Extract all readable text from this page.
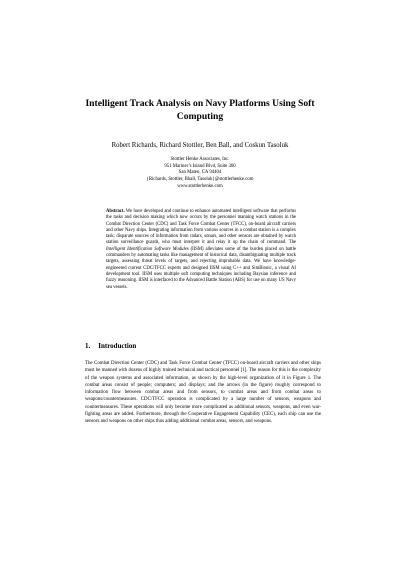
Intelligent Track Analysis on Navy Platforms Using Soft
Computing
Robert Richards, Richard Stottler, Ben Ball, and Coskun Tasoluk
Stottler Henke Associates, Inc.
951 Mariner’s Island Blvd, Suite 360
San Mateo, CA 94404
{Richards, Stottler, Bball, Tasoluk}@stottlerhenke.com
www.stottlerhenke.com
Abstract. We have developed and continue to enhance automated intelligent software that performs the tasks and decision making which now occurs by the personnel manning watch stations in the Combat Direction Center (CDC) and Task Force Combat Center (TFCC), on-board aircraft carriers and other Navy ships. Integrating information from various sources in a combat station is a complex task; disparate sources of information from radars, sonars, and other sensors are obtained by watch station surveillance guards, who must interpret it and relay it up the chain of command. The Intelligent Identification Software Modules (IISM) alleviates some of the burden placed on battle commanders by automating tasks like management of historical data, disambiguating multiple track targets, assessing threat levels of targets, and rejecting improbable data. We have knowledge-engineered current CDC/TFCC experts and designed IISM using C++ and SimBionic, a visual AI development tool. IISM uses multiple soft computing techniques including Baysian inference and fuzzy reasoning. IISM is interfaced to the Advanced Battle Station (ABS) for use on many US Navy sea vessels.
1. Introduction
The Combat Direction Center (CDC) and Task Force Combat Center (TFCC) on-board aircraft carriers and other ships must be manned with dozens of highly trained technical and tactical personnel [1]. The reason for this is the complexity of the weapon systems and associated information, as shown by the high-level organization of it in Figure 1. The combat areas consist of people; computers; and displays; and the arrows (in the figure) roughly correspond to information flow between combat areas and from sensors, to combat areas and from combat areas to weapons/countermeasures. CDC/TFCC operation is complicated by a large number of sensors, weapons and countermeasures. These operations will only become more complicated as additional sensors, weapons, and even war-fighting areas are added. Furthermore, through the Cooperative Engagement Capability (CEC), each ship can use the sensors and weapons on other ships thus adding additional combat areas, sensors, and weapons.
